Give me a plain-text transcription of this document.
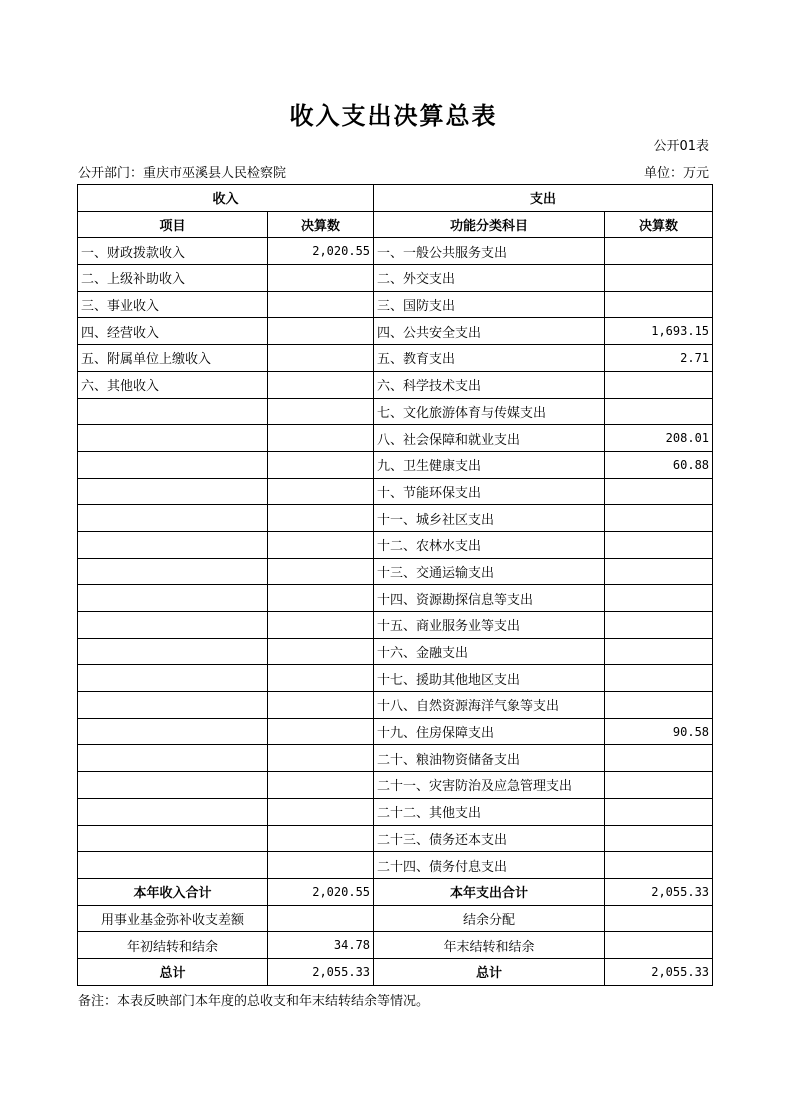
收入支出决算总表
公开01表
公开部门：重庆市巫溪县人民检察院	单位：万元
收入		支出	
项目	决算数	功能分类科目	决算数
一、财政拨款收入	2,020.55	一、一般公共服务支出	
二、上级补助收入		二、外交支出	
三、事业收入		三、国防支出	
四、经营收入		四、公共安全支出	1,693.15
五、附属单位上缴收入		五、教育支出	2.71
六、其他收入		六、科学技术支出	
		七、文化旅游体育与传媒支出	
		八、社会保障和就业支出	208.01
		九、卫生健康支出	60.88
		十、节能环保支出	
		十一、城乡社区支出	
		十二、农林水支出	
		十三、交通运输支出	
		十四、资源勘探信息等支出	
		十五、商业服务业等支出	
		十六、金融支出	
		十七、援助其他地区支出	
		十八、自然资源海洋气象等支出	
		十九、住房保障支出	90.58
		二十、粮油物资储备支出	
		二十一、灾害防治及应急管理支出	
		二十二、其他支出	
		二十三、债务还本支出	
		二十四、债务付息支出	
本年收入合计	2,020.55	本年支出合计	2,055.33
用事业基金弥补收支差额		结余分配	
年初结转和结余	34.78	年末结转和结余	
总计	2,055.33	总计	2,055.33
备注：本表反映部门本年度的总收支和年末结转结余等情况。
